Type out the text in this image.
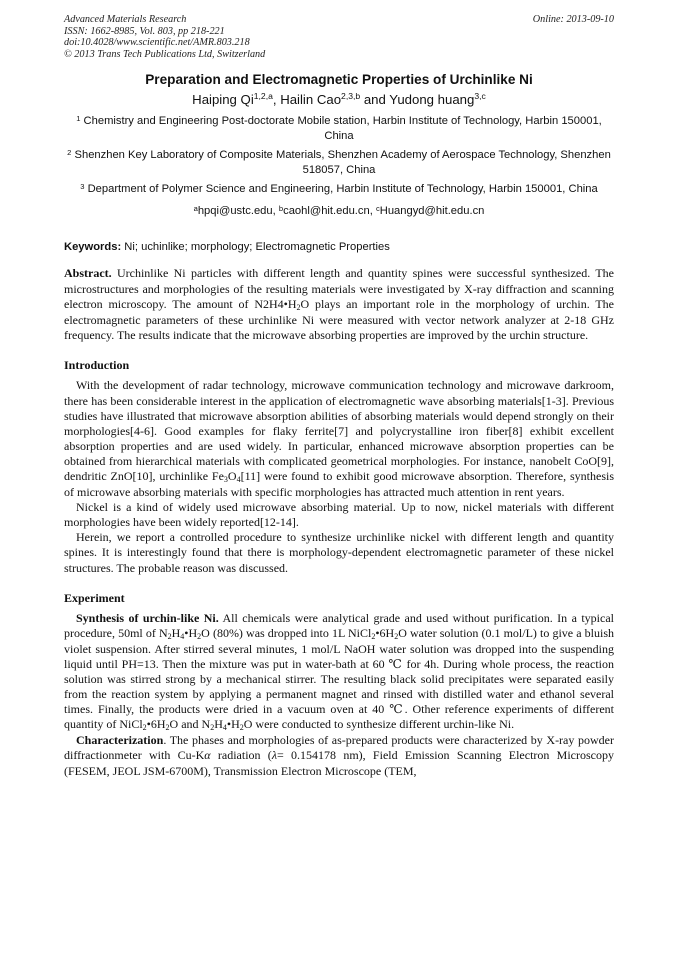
Advanced Materials Research
ISSN: 1662-8985, Vol. 803, pp 218-221
doi:10.4028/www.scientific.net/AMR.803.218
© 2013 Trans Tech Publications Ltd, Switzerland
Online: 2013-09-10
Preparation and Electromagnetic Properties of Urchinlike Ni
Haiping Qi$^{1,2,a}$, Hailin Cao$^{2,3,b}$ and Yudong huang$^{3,c}$
$^1$ Chemistry and Engineering Post-doctorate Mobile station, Harbin Institute of Technology, Harbin 150001, China
$^2$ Shenzhen Key Laboratory of Composite Materials, Shenzhen Academy of Aerospace Technology, Shenzhen 518057, China
$^3$ Department of Polymer Science and Engineering, Harbin Institute of Technology, Harbin 150001, China
$^a$hpqi@ustc.edu, $^b$caohl@hit.edu.cn, $^c$Huangyd@hit.edu.cn
Keywords: Ni; uchinlike; morphology; Electromagnetic Properties

Abstract. Urchinlike Ni particles with different length and quantity spines were successful synthesized. The microstructures and morphologies of the resulting materials were investigated by X-ray diffraction and scanning electron microscopy. The amount of $N2H4•H_2O$ plays an important role in the morphology of urchin. The electromagnetic parameters of these urchinlike Ni were measured with vector network analyzer at 2-18 GHz frequency. The results indicate that the microwave absorbing properties are improved by the urchin structure.

Introduction

With the development of radar technology, microwave communication technology and microwave darkroom, there has been considerable interest in the application of electromagnetic wave absorbing materials[1-3]. Previous studies have illustrated that microwave absorption abilities of absorbing materials would depend strongly on their morphologies[4-6]. Good examples for flaky ferrite[7] and polycrystalline iron fiber[8] exhibit excellent absorption properties and are used widely. In particular, enhanced microwave absorption properties can be obtained from hierarchical materials with complicated geometrical morphologies. For instance, nanobelt CoO[9], dendritic ZnO[10], urchinlike $Fe_3O_4[11]$ were found to exhibit good microwave absorption. Therefore, synthesis of microwave absorbing materials with specific morphologies has attracted much attention in rent years.

Nickel is a kind of widely used microwave absorbing material. Up to now, nickel materials with different morphologies have been widely reported[12-14].

Herein, we report a controlled procedure to synthesize urchinlike nickel with different length and quantity spines. It is interestingly found that there is morphology-dependent electromagnetic parameter of these nickel structures. The probable reason was discussed.

Experiment

Synthesis of urchin-like Ni. All chemicals were analytical grade and used without purification. In a typical procedure, 50ml of $N_2H_4•H_2O$ (80%) was dropped into 1L $NiCl_2•6H_2O$ water solution (0.1 mol/L) to give a bluish violet suspension. After stirred several minutes, 1 mol/L NaOH water solution was dropped into the suspending liquid until PH=13. Then the mixture was put in water-bath at 60 ℃ for 4h. During whole process, the reaction solution was stirred strong by a mechanical stirrer. The resulting black solid precipitates were separated easily from the reaction system by applying a permanent magnet and rinsed with distilled water and ethanol several times. Finally, the products were dried in a vacuum oven at 40 ℃. Other reference experiments of different quantity of $NiCl_2•6H_2O$ and $N_2H_4•H_2O$ were conducted to synthesize different urchin-like Ni.

Characterization. The phases and morphologies of as-prepared products were characterized by X-ray powder diffractionmeter with Cu-Kα radiation (λ= 0.154178 nm), Field Emission Scanning Electron Microscopy (FESEM, JEOL JSM-6700M), Transmission Electron Microscope (TEM,
